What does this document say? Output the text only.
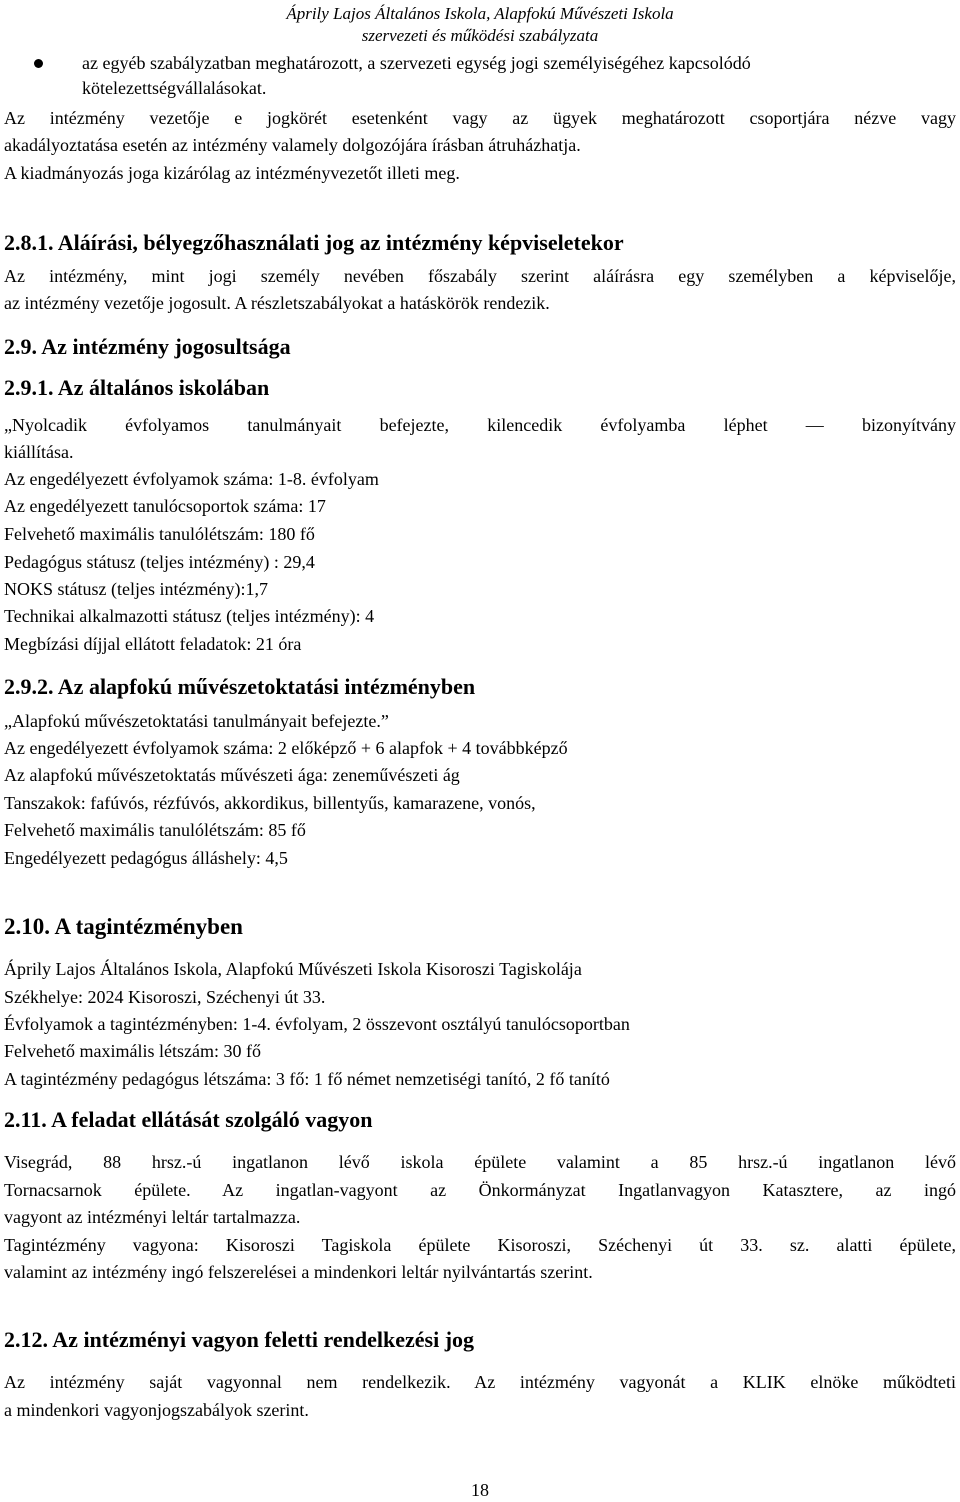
Áprily Lajos Általános Iskola, Alapfokú Művészeti Iskola
szervezeti és működési szabályzata
az egyéb szabályzatban meghatározott, a szervezeti egység jogi személyiségéhez kapcsolódó
kötelezettségvállalásokat.
Az intézmény vezetője e jogkörét esetenként vagy az ügyek meghatározott csoportjára nézve vagy
akadályoztatása esetén az intézmény valamely dolgozójára írásban átruházhatja.
A kiadmányozás joga kizárólag az intézményvezetőt illeti meg.
2.8.1. Aláírási, bélyegzőhasználati jog az intézmény képviseletekor
Az intézmény, mint jogi személy nevében főszabály szerint aláírásra egy személyben a képviselője,
az intézmény vezetője jogosult. A részletszabályokat a hatáskörök rendezik.
2.9. Az intézmény jogosultsága
2.9.1. Az általános iskolában
„Nyolcadik évfolyamos tanulmányait befejezte, kilencedik évfolyamba léphet — bizonyítvány
kiállítása.
Az engedélyezett évfolyamok száma: 1-8. évfolyam
Az engedélyezett tanulócsoportok száma: 17
Felvehető maximális tanulólétszám: 180 fő
Pedagógus státusz (teljes intézmény) : 29,4
NOKS státusz (teljes intézmény):1,7
Technikai alkalmazotti státusz (teljes intézmény): 4
Megbízási díjjal ellátott feladatok: 21 óra
2.9.2. Az alapfokú művészetoktatási intézményben
„Alapfokú művészetoktatási tanulmányait befejezte.”
Az engedélyezett évfolyamok száma: 2 előképző + 6 alapfok + 4 továbbképző
Az alapfokú művészetoktatás művészeti ága: zeneművészeti ág
Tanszakok: fafúvós, rézfúvós, akkordikus, billentyűs, kamarazene, vonós,
Felvehető maximális tanulólétszám: 85 fő
Engedélyezett pedagógus álláshely: 4,5
2.10. A tagintézményben
Áprily Lajos Általános Iskola, Alapfokú Művészeti Iskola Kisoroszi Tagiskolája
Székhelye: 2024 Kisoroszi, Széchenyi út 33.
Évfolyamok a tagintézményben: 1-4. évfolyam, 2 összevont osztályú tanulócsoportban
Felvehető maximális létszám: 30 fő
A tagintézmény pedagógus létszáma: 3 fő: 1 fő német nemzetiségi tanító, 2 fő tanító
2.11. A feladat ellátását szolgáló vagyon
Visegrád, 88 hrsz.-ú ingatlanon lévő iskola épülete valamint a 85 hrsz.-ú ingatlanon lévő
Tornacsarnok épülete. Az ingatlan-vagyont az Önkormányzat Ingatlanvagyon Katasztere, az ingó
vagyont az intézményi leltár tartalmazza.
Tagintézmény vagyona: Kisoroszi Tagiskola épülete Kisoroszi, Széchenyi út 33. sz. alatti épülete,
valamint az intézmény ingó felszerelései a mindenkori leltár nyilvántartás szerint.
2.12. Az intézményi vagyon feletti rendelkezési jog
Az intézmény saját vagyonnal nem rendelkezik. Az intézmény vagyonát a KLIK elnöke működteti
a mindenkori vagyonjogszabályok szerint.
18
